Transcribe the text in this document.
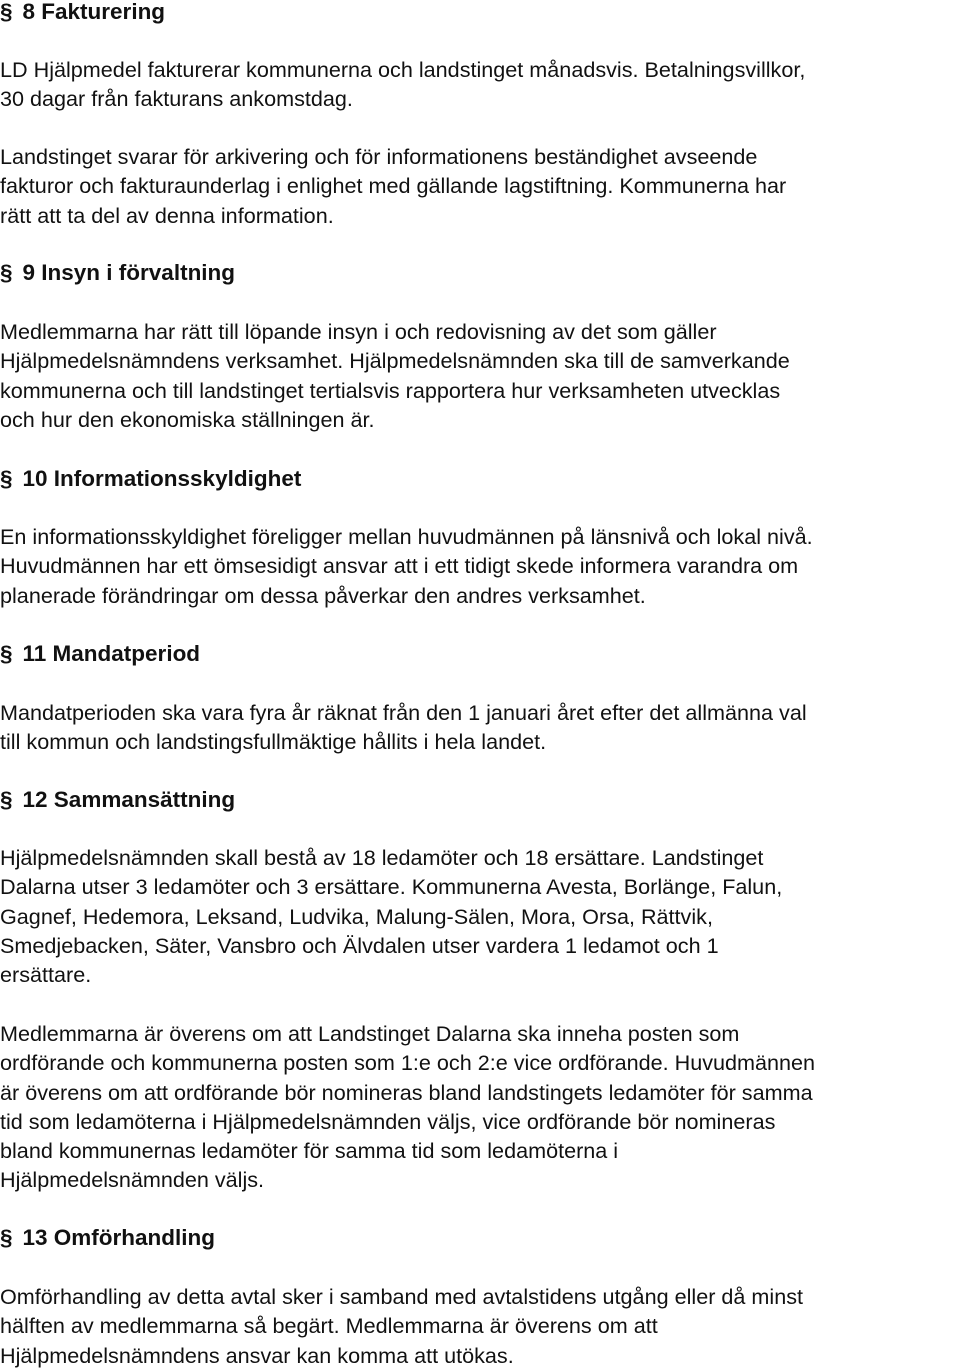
§ 8 Fakturering

LD Hjälpmedel fakturerar kommunerna och landstinget månadsvis. Betalningsvillkor,
30 dagar från fakturans ankomstdag.

Landstinget svarar för arkivering och för informationens beständighet avseende
fakturor och fakturaunderlag i enlighet med gällande lagstiftning. Kommunerna har
rätt att ta del av denna information.

§ 9 Insyn i förvaltning

Medlemmarna har rätt till löpande insyn i och redovisning av det som gäller
Hjälpmedelsnämndens verksamhet. Hjälpmedelsnämnden ska till de samverkande
kommunerna och till landstinget tertialsvis rapportera hur verksamheten utvecklas
och hur den ekonomiska ställningen är.

§ 10 Informationsskyldighet

En informationsskyldighet föreligger mellan huvudmännen på länsnivå och lokal nivå.
Huvudmännen har ett ömsesidigt ansvar att i ett tidigt skede informera varandra om
planerade förändringar om dessa påverkar den andres verksamhet.

§ 11 Mandatperiod

Mandatperioden ska vara fyra år räknat från den 1 januari året efter det allmänna val
till kommun och landstingsfullmäktige hållits i hela landet.

§ 12 Sammansättning

Hjälpmedelsnämnden skall bestå av 18 ledamöter och 18 ersättare. Landstinget
Dalarna utser 3 ledamöter och 3 ersättare. Kommunerna Avesta, Borlänge, Falun,
Gagnef, Hedemora, Leksand, Ludvika, Malung-Sälen, Mora, Orsa, Rättvik,
Smedjebacken, Säter, Vansbro och Älvdalen utser vardera 1 ledamot och 1
ersättare.

Medlemmarna är överens om att Landstinget Dalarna ska inneha posten som
ordförande och kommunerna posten som 1:e och 2:e vice ordförande. Huvudmännen
är överens om att ordförande bör nomineras bland landstingets ledamöter för samma
tid som ledamöterna i Hjälpmedelsnämnden väljs, vice ordförande bör nomineras
bland kommunernas ledamöter för samma tid som ledamöterna i
Hjälpmedelsnämnden väljs.

§ 13 Omförhandling

Omförhandling av detta avtal sker i samband med avtalstidens utgång eller då minst
hälften av medlemmarna så begärt. Medlemmarna är överens om att
Hjälpmedelsnämndens ansvar kan komma att utökas.
